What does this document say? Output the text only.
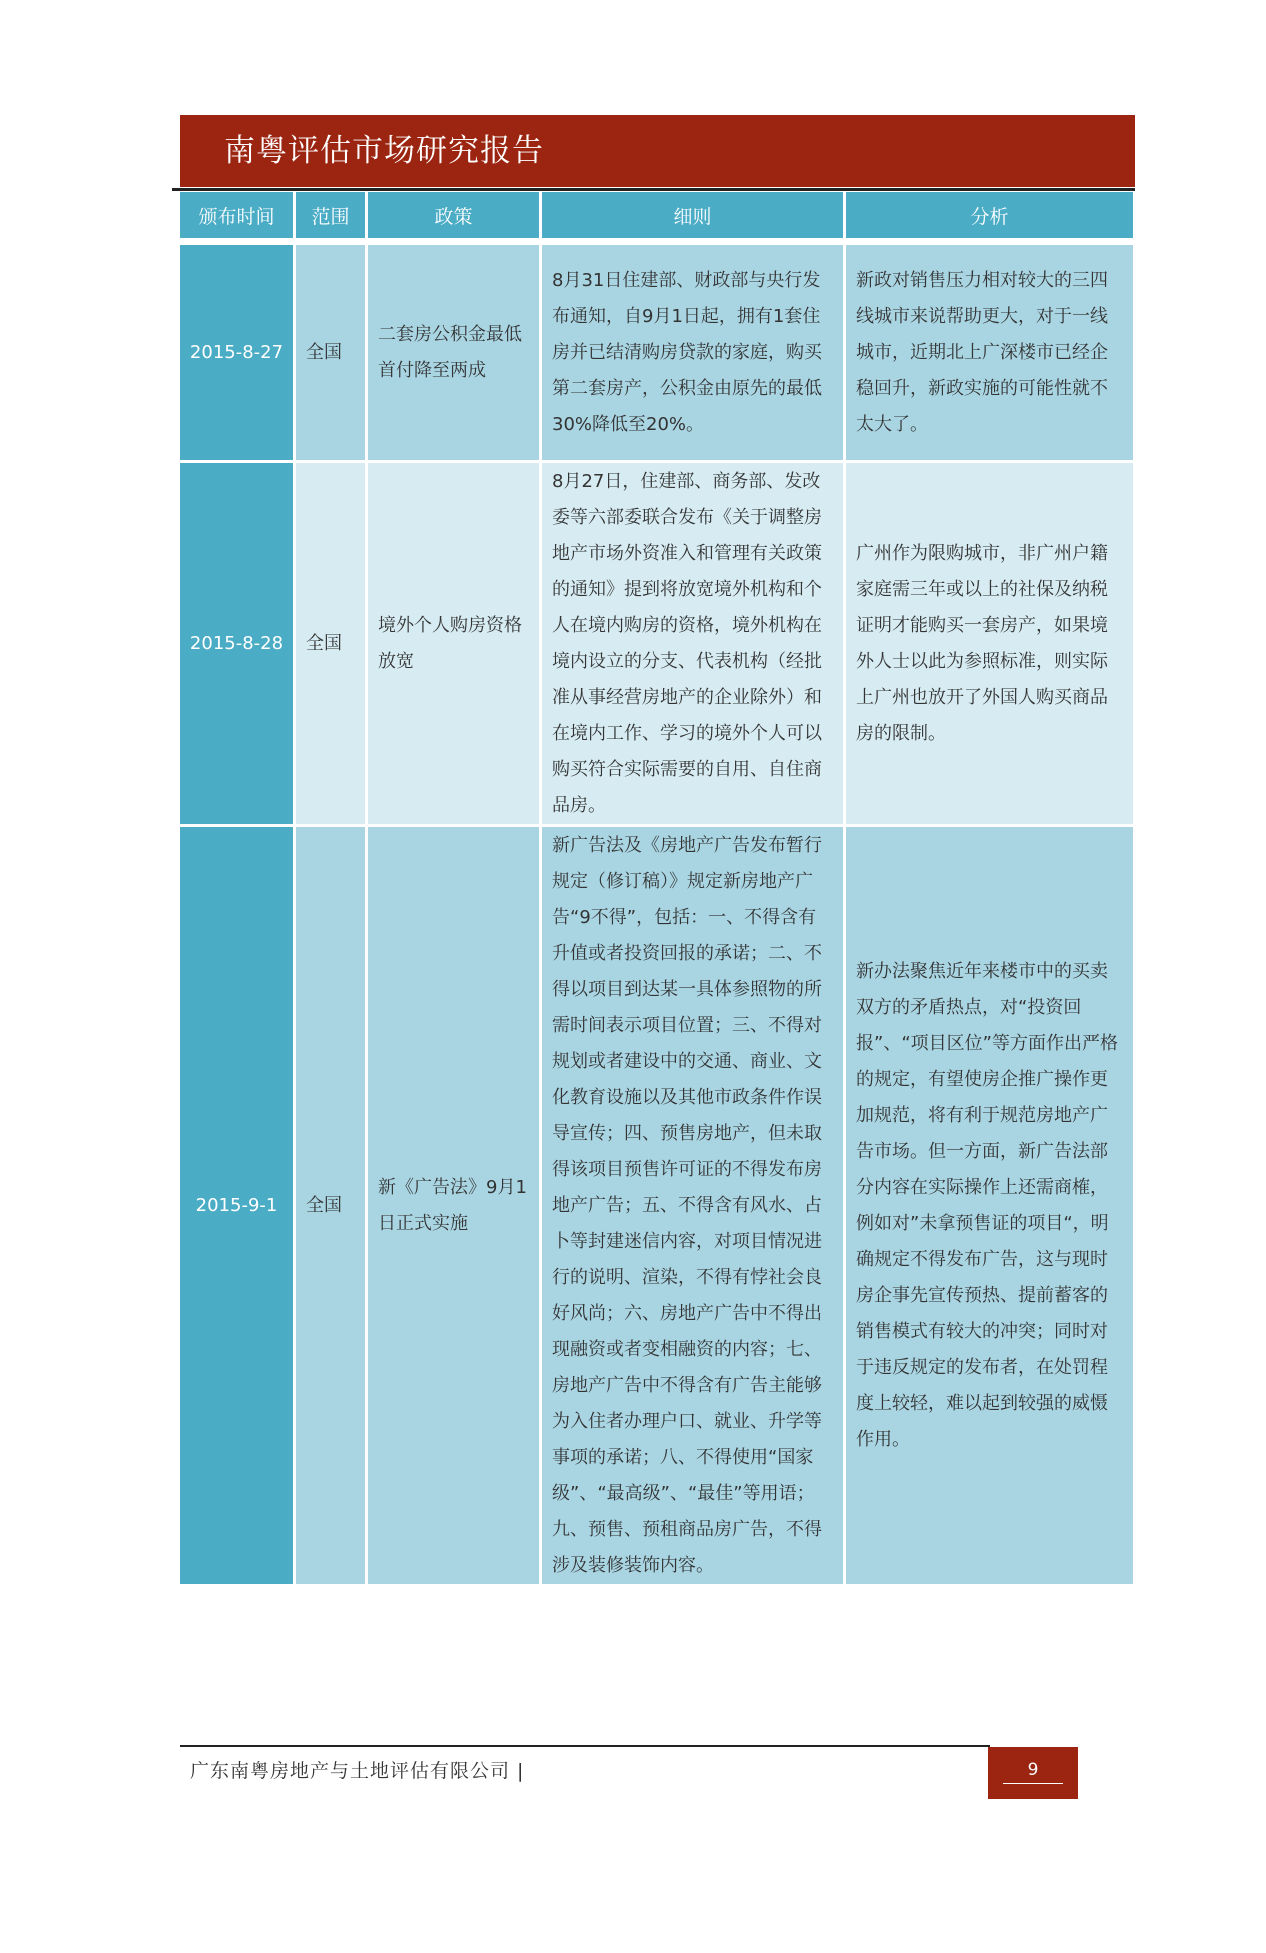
南粤评估市场研究报告
颁布时间	范围	政策	细则	分析
2015-8-27	全国	二套房公积金最低首付降至两成	8月31日住建部、财政部与央行发布通知，自9月1日起，拥有1套住房并已结清购房贷款的家庭，购买第二套房产，公积金由原先的最低30%降低至20%。	新政对销售压力相对较大的三四线城市来说帮助更大，对于一线城市，近期北上广深楼市已经企稳回升，新政实施的可能性就不太大了。
2015-8-28	全国	境外个人购房资格放宽	8月27日，住建部、商务部、发改委等六部委联合发布《关于调整房地产市场外资准入和管理有关政策的通知》提到将放宽境外机构和个人在境内购房的资格，境外机构在境内设立的分支、代表机构（经批准从事经营房地产的企业除外）和在境内工作、学习的境外个人可以购买符合实际需要的自用、自住商品房。	广州作为限购城市，非广州户籍家庭需三年或以上的社保及纳税证明才能购买一套房产，如果境外人士以此为参照标准，则实际上广州也放开了外国人购买商品房的限制。
2015-9-1	全国	新《广告法》9月1日正式实施	新广告法及《房地产广告发布暂行规定（修订稿）》规定新房地产广告“9不得”，包括：一、不得含有升值或者投资回报的承诺；二、不得以项目到达某一具体参照物的所需时间表示项目位置；三、不得对规划或者建设中的交通、商业、文化教育设施以及其他市政条件作误导宣传；四、预售房地产，但未取得该项目预售许可证的不得发布房地产广告；五、不得含有风水、占卜等封建迷信内容，对项目情况进行的说明、渲染，不得有悖社会良好风尚；六、房地产广告中不得出现融资或者变相融资的内容；七、房地产广告中不得含有广告主能够为入住者办理户口、就业、升学等事项的承诺；八、不得使用“国家级”、“最高级”、“最佳”等用语；九、预售、预租商品房广告，不得涉及装修装饰内容。	新办法聚焦近年来楼市中的买卖双方的矛盾热点，对“投资回报”、“项目区位”等方面作出严格的规定，有望使房企推广操作更加规范，将有利于规范房地产广告市场。但一方面，新广告法部分内容在实际操作上还需商榷，例如对”未拿预售证的项目“，明确规定不得发布广告，这与现时房企事先宣传预热、提前蓄客的销售模式有较大的冲突；同时对于违反规定的发布者，在处罚程度上较轻，难以起到较强的威慑作用。
广东南粤房地产与土地评估有限公司 |	9
